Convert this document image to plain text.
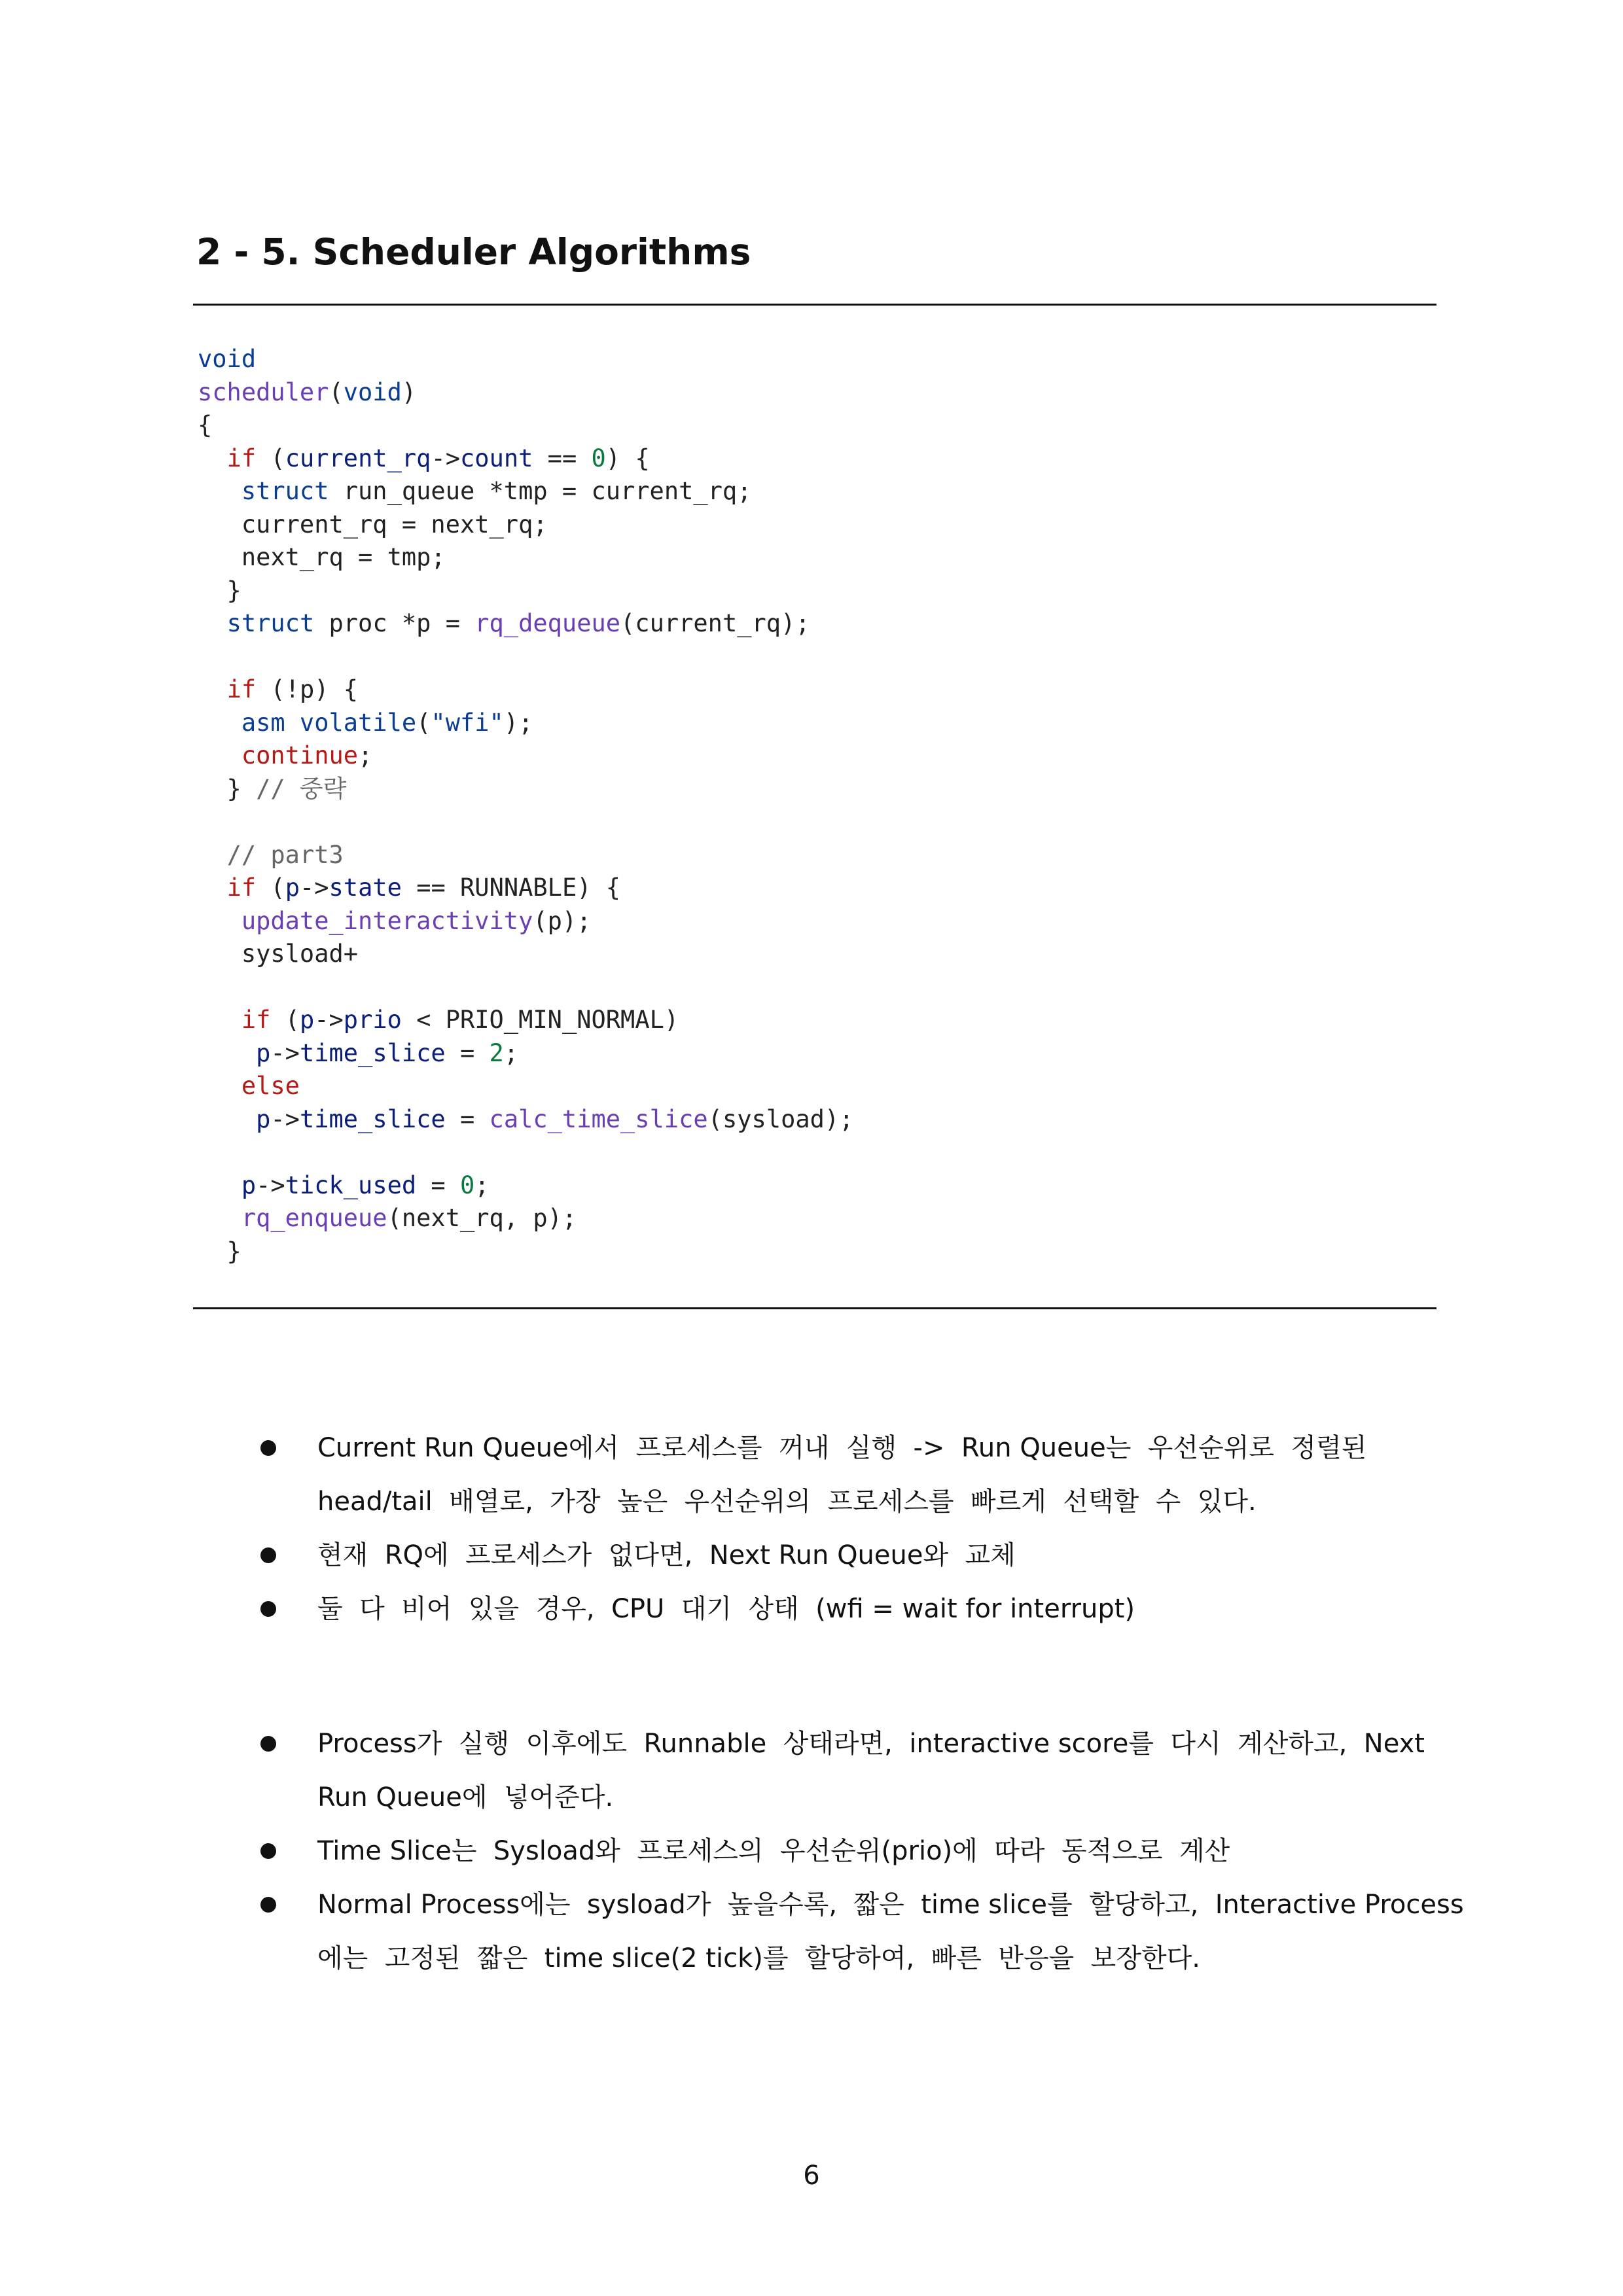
2 - 5. Scheduler Algorithms
void
scheduler(void)
{
if (current_rq->count == 0) {
struct run_queue *tmp = current_rq;
current_rq = next_rq;
next_rq = tmp;
}
struct proc *p = rq_dequeue(current_rq);
if (!p) {
asm volatile("wfi");
continue;
} // 중략
// part3
if (p->state == RUNNABLE) {
update_interactivity(p);
sysload+
if (p->prio < PRIO_MIN_NORMAL)
p->time_slice = 2;
else
p->time_slice = calc_time_slice(sysload);
p->tick_used = 0;
rq_enqueue(next_rq, p);
}
Current Run Queue에서  프로세스를  꺼내  실행  ->  Run Queue는  우선순위로  정렬된
head/tail  배열로,  가장  높은  우선순위의  프로세스를  빠르게  선택할  수  있다.
현재  RQ에  프로세스가  없다면,  Next Run Queue와  교체
둘  다  비어  있을  경우,  CPU  대기  상태  (wfi = wait for interrupt)
Process가  실행  이후에도  Runnable  상태라면,  interactive score를  다시  계산하고,  Next
Run Queue에  넣어준다.
Time Slice는  Sysload와  프로세스의  우선순위(prio)에  따라  동적으로  계산
Normal Process에는  sysload가  높을수록,  짧은  time slice를  할당하고,  Interactive Process
에는  고정된  짧은  time slice(2 tick)를  할당하여,  빠른  반응을  보장한다.
6
